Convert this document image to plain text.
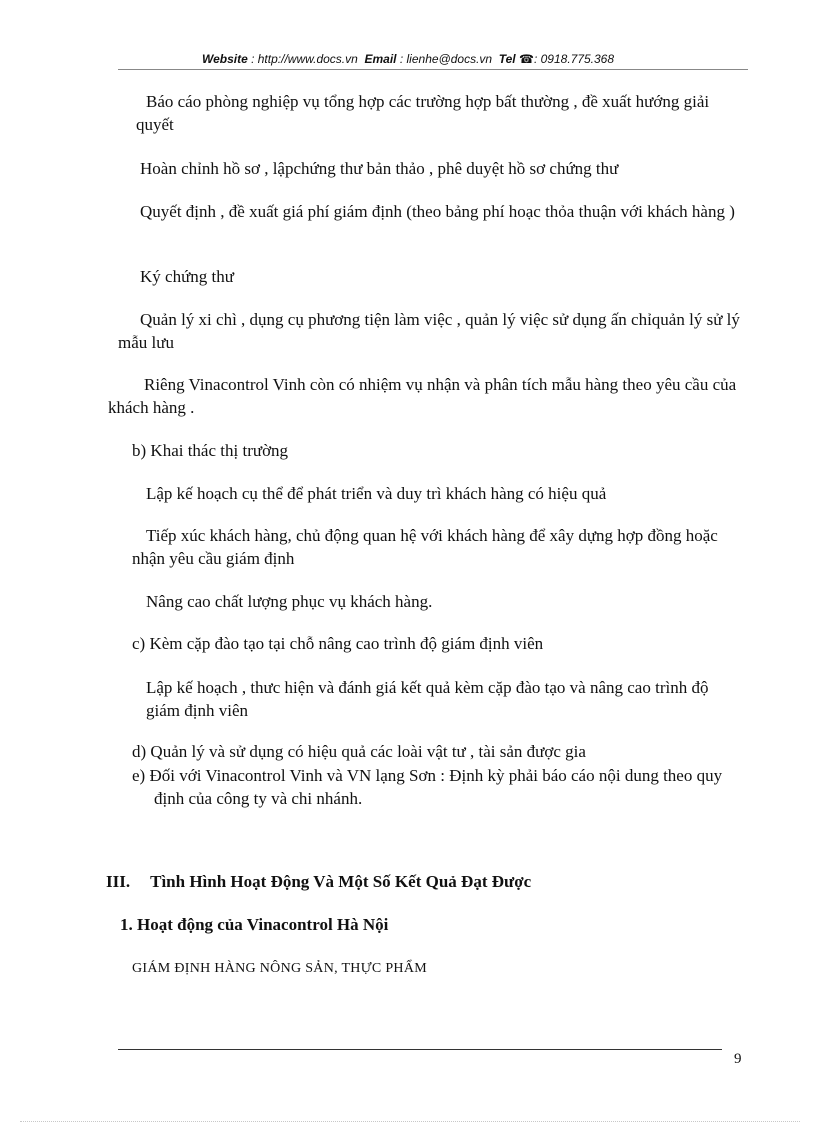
Website : http://www.docs.vn Email : lienhe@docs.vn Tel ☎: 0918.775.368

Báo cáo phòng nghiệp vụ tổng hợp các trường hợp bất thường , đề xuất hướng giải quyết

Hoàn chỉnh hồ sơ , lậpchứng thư bản thảo , phê duyệt hồ sơ chứng thư

Quyết định , đề xuất giá phí giám định (theo bảng phí hoạc thỏa thuận với khách hàng )

Ký chứng thư

Quản lý xi chì , dụng cụ phương tiện làm việc , quản lý việc sử dụng ấn chỉquản lý sử lý mẫu lưu

Riêng Vinacontrol Vinh còn có nhiệm vụ nhận và phân tích mẫu hàng theo yêu cầu của khách hàng .

b) Khai thác thị trường

Lập kế hoạch cụ thể để phát triển và duy trì khách hàng có hiệu quả

Tiếp xúc khách hàng, chủ động quan hệ với khách hàng để xây dựng hợp đồng hoặc nhận yêu cầu giám định

Nâng cao chất lượng phục vụ khách hàng.

c) Kèm cặp đào tạo tại chỗ nâng cao trình độ giám định viên

Lập kế hoạch , thưc hiện và đánh giá kết quả kèm cặp đào tạo và nâng cao trình độ giám định viên

d) Quản lý và sử dụng có hiệu quả các loài vật tư , tài sản được gia

e) Đối với Vinacontrol Vinh và VN lạng Sơn : Định kỳ phải báo cáo nội dung theo quy định của công ty và chi nhánh.

III. Tình Hình Hoạt Động Và Một Số Kết Quả Đạt Được
1. Hoạt động của Vinacontrol Hà Nội
GIÁM ĐỊNH HÀNG NÔNG SẢN, THỰC PHẨM
9
